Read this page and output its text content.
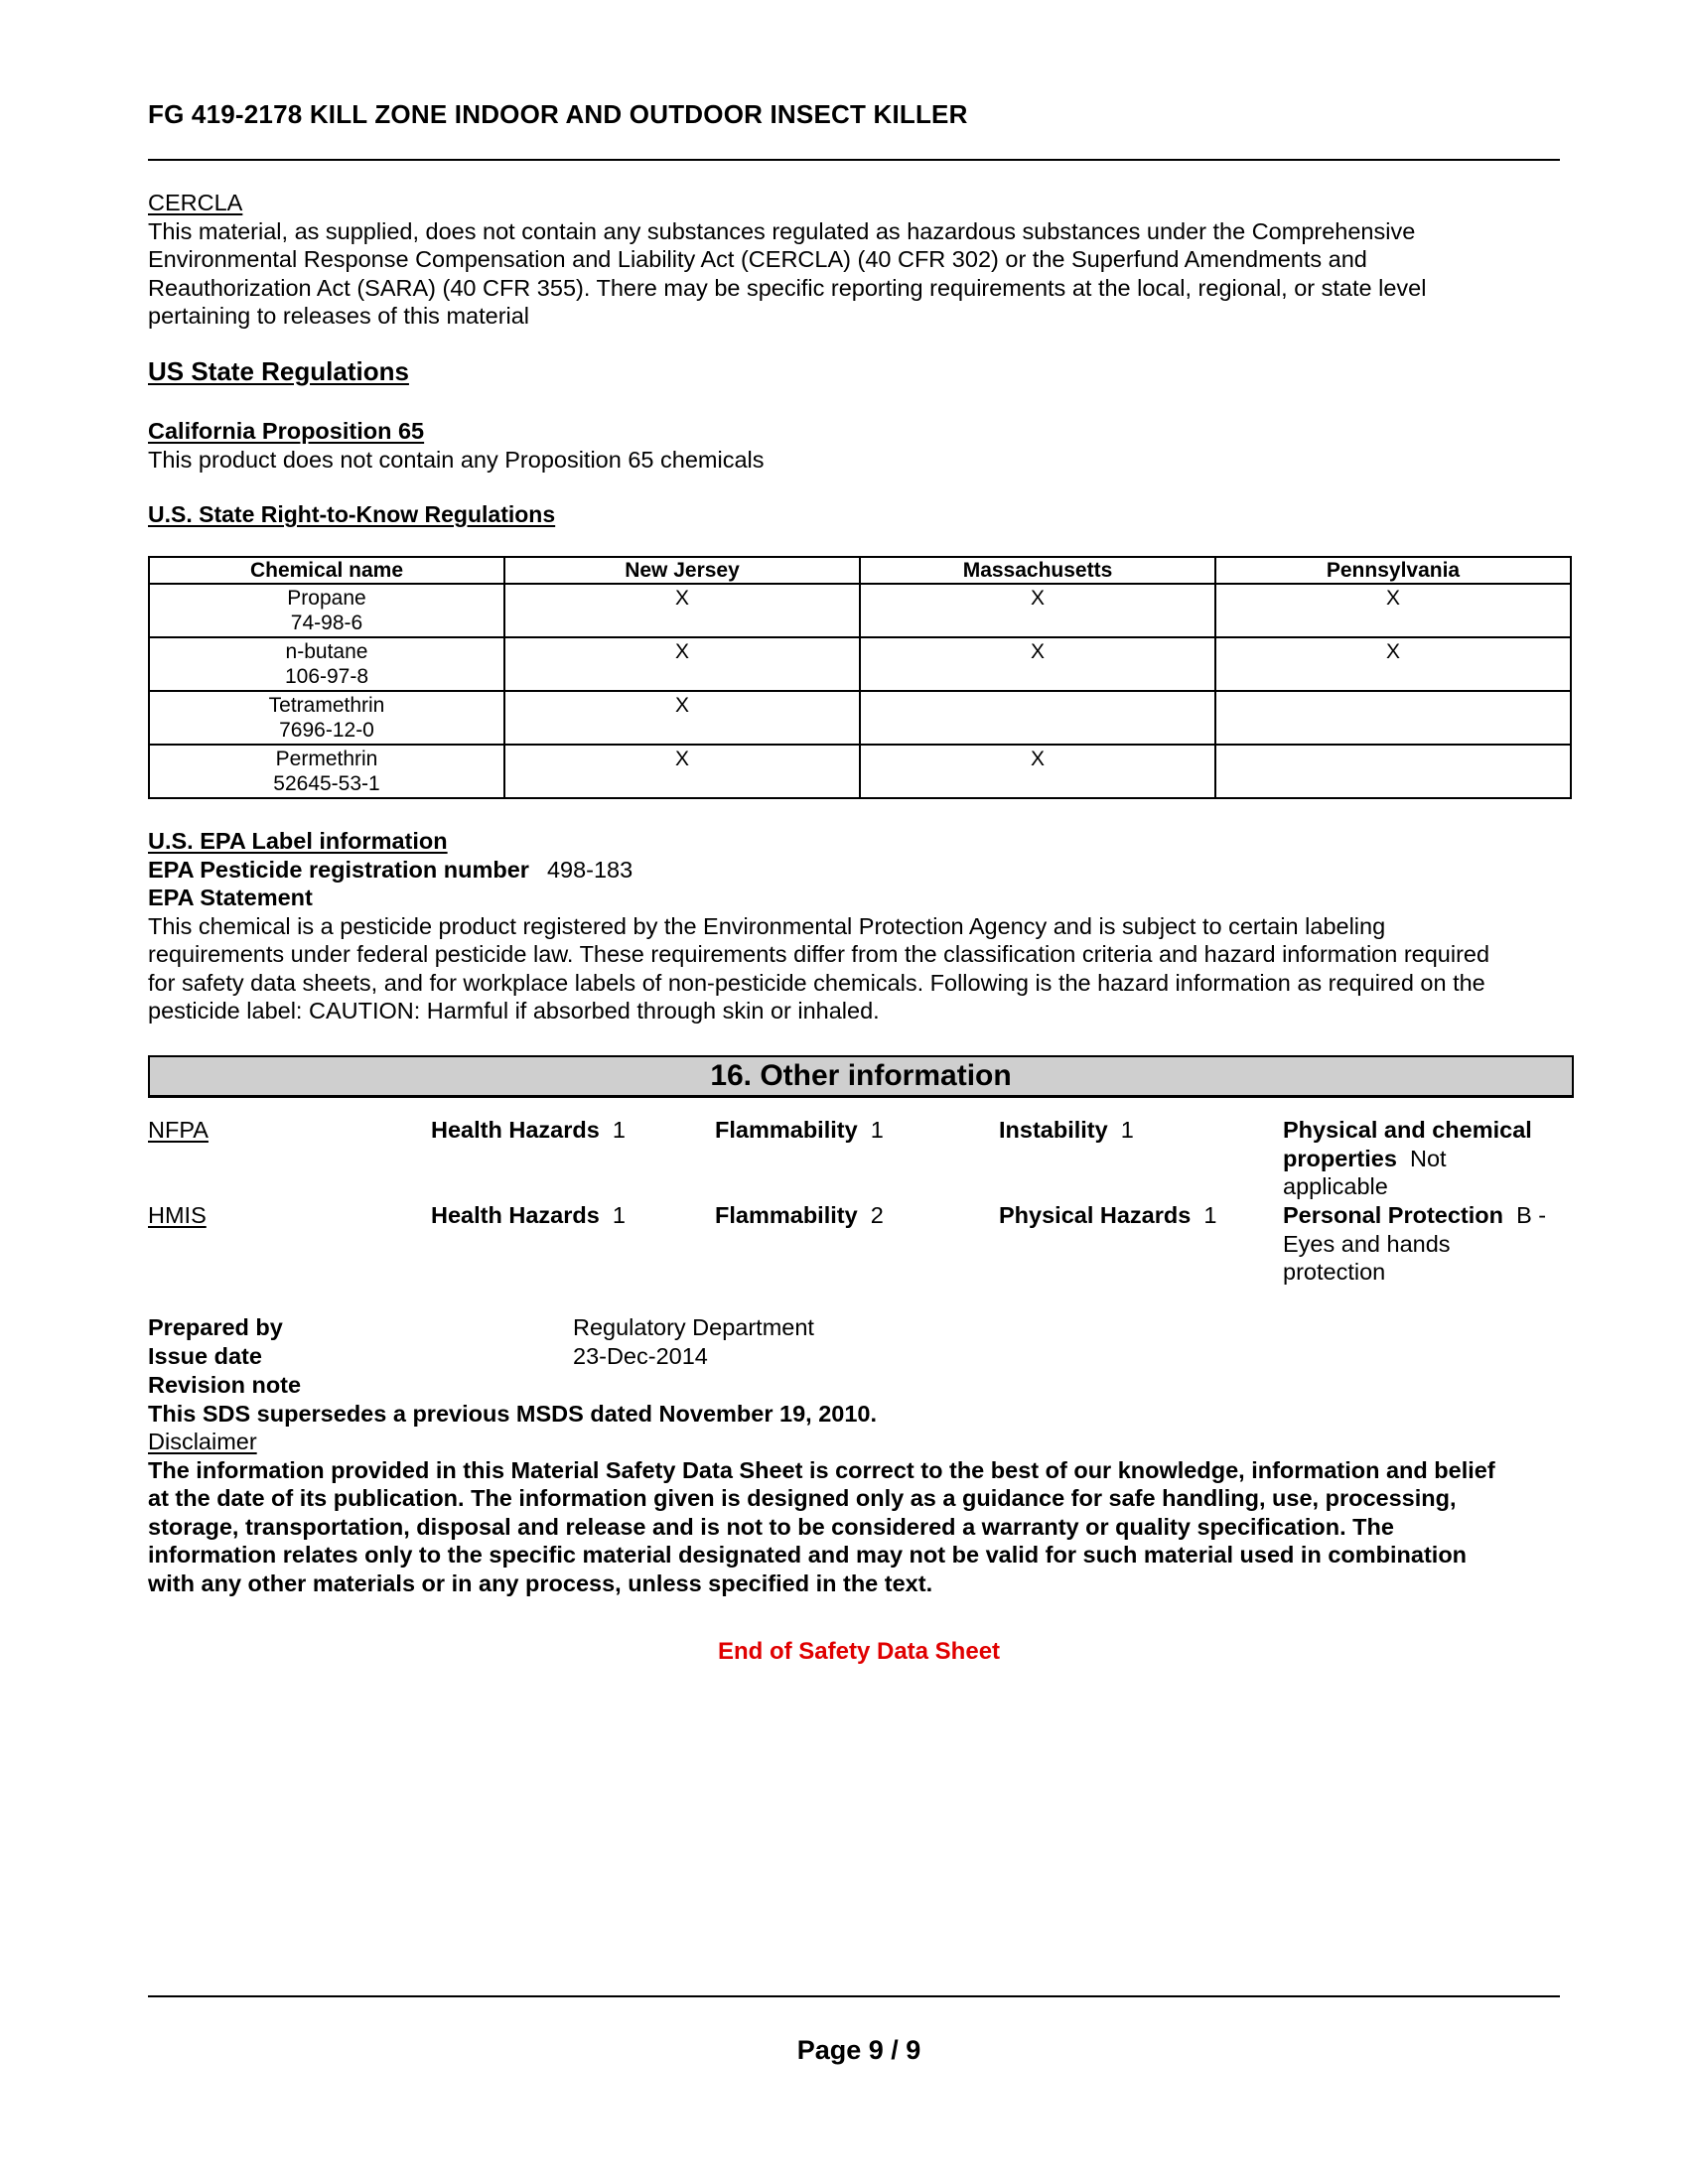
FG 419-2178 KILL ZONE INDOOR AND OUTDOOR INSECT KILLER
CERCLA
This material, as supplied, does not contain any substances regulated as hazardous substances under the Comprehensive
Environmental Response Compensation and Liability Act (CERCLA) (40 CFR 302) or the Superfund Amendments and
Reauthorization Act (SARA) (40 CFR 355). There may be specific reporting requirements at the local, regional, or state level
pertaining to releases of this material
US State Regulations
California Proposition 65
This product does not contain any Proposition 65 chemicals
U.S. State Right-to-Know Regulations
Chemical name	New Jersey	Massachusetts	Pennsylvania

Propane
74-98-6	X	X	X

n-butane
106-97-8	X	X	X

Tetramethrin
7696-12-0	X		

Permethrin
52645-53-1	X	X	
U.S. EPA Label information
EPA Pesticide registration number 498-183
EPA Statement
This chemical is a pesticide product registered by the Environmental Protection Agency and is subject to certain labeling
requirements under federal pesticide law. These requirements differ from the classification criteria and hazard information required
for safety data sheets, and for workplace labels of non-pesticide chemicals. Following is the hazard information as required on the
pesticide label: CAUTION: Harmful if absorbed through skin or inhaled.
16. Other information
NFPA	Health Hazards 1	Flammability 1	Instability 1	Physical and chemical
properties Not
applicable
HMIS	Health Hazards 1	Flammability 2	Physical Hazards 1	Personal Protection B -
Eyes and hands
protection
Prepared by	Regulatory Department
Issue date	23-Dec-2014
Revision note
This SDS supersedes a previous MSDS dated November 19, 2010.
Disclaimer
The information provided in this Material Safety Data Sheet is correct to the best of our knowledge, information and belief
at the date of its publication. The information given is designed only as a guidance for safe handling, use, processing,
storage, transportation, disposal and release and is not to be considered a warranty or quality specification. The
information relates only to the specific material designated and may not be valid for such material used in combination
with any other materials or in any process, unless specified in the text.
End of Safety Data Sheet
Page 9 / 9
